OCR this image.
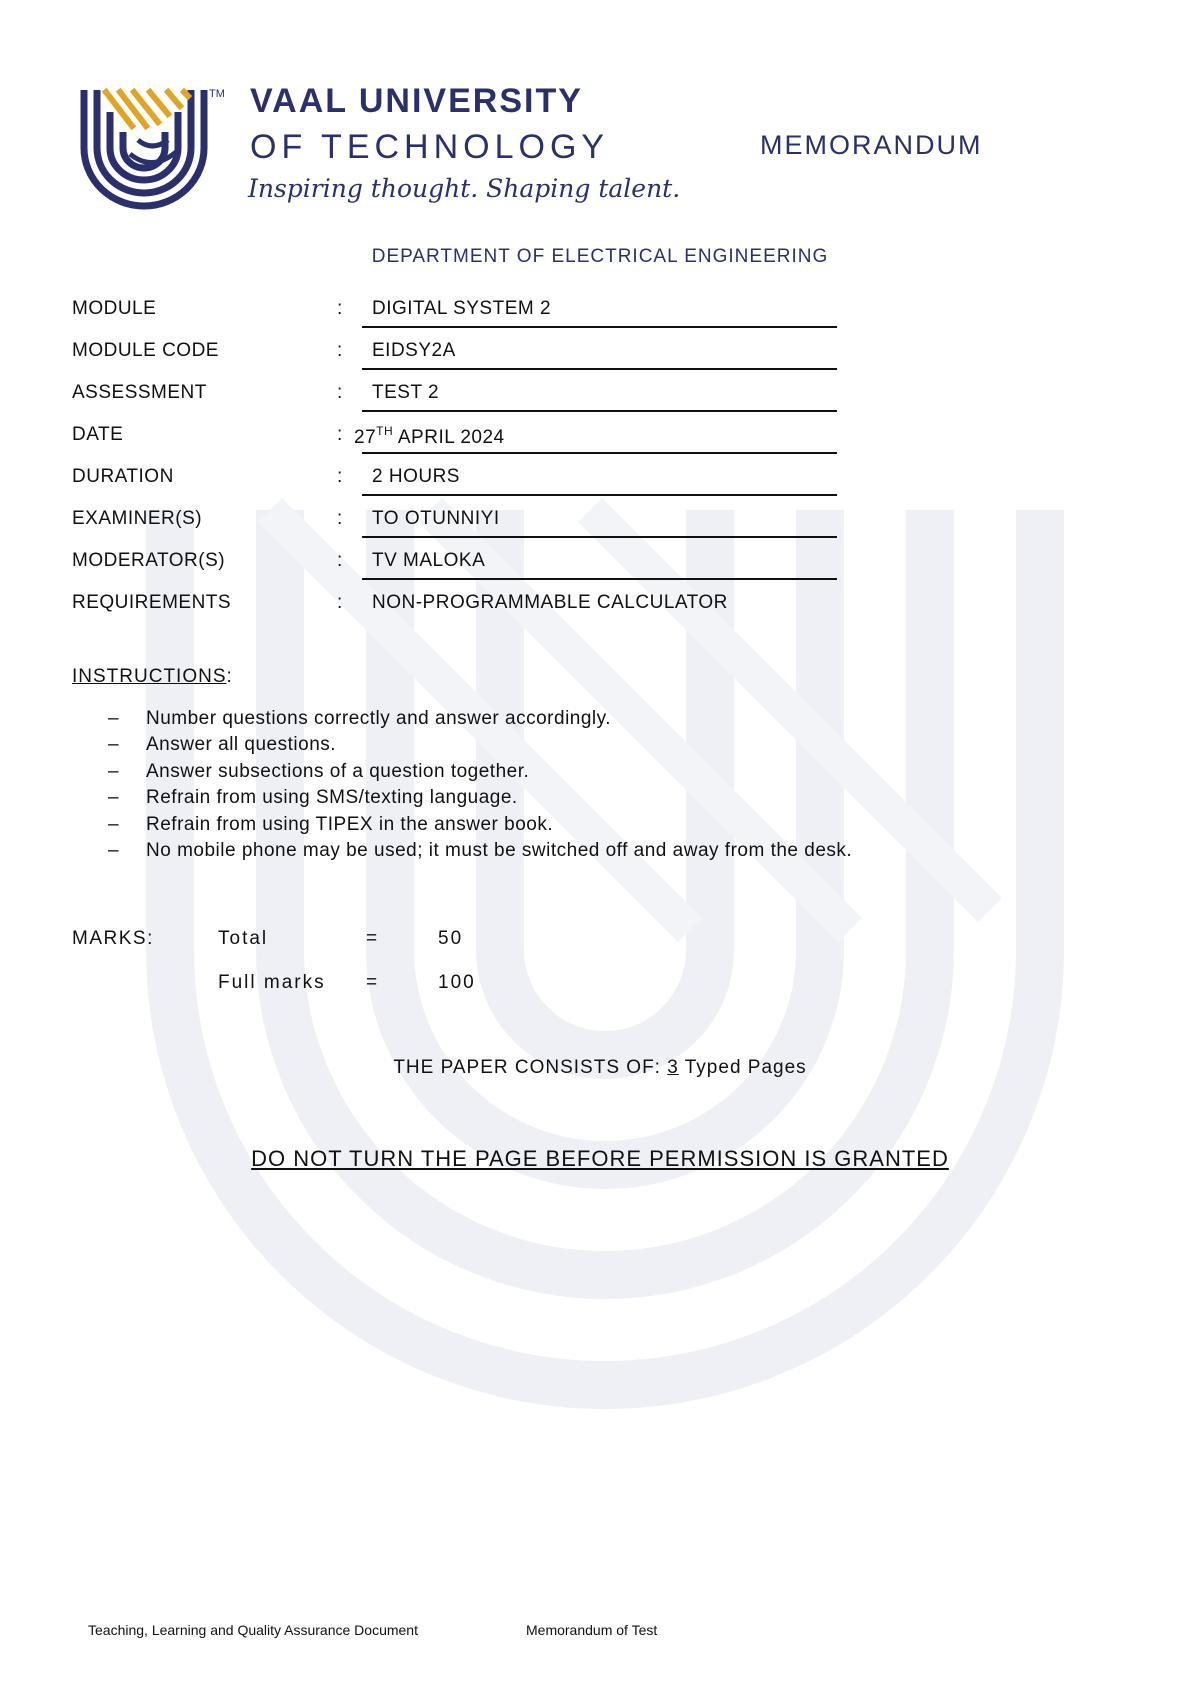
TM VAAL UNIVERSITY
OF TECHNOLOGY
Inspiring thought. Shaping talent.
MEMORANDUM
DEPARTMENT OF ELECTRICAL ENGINEERING
MODULE	: DIGITAL SYSTEM 2
MODULE CODE	: EIDSY2A
ASSESSMENT	: TEST 2
DATE	: 27TH APRIL 2024
DURATION	: 2 HOURS
EXAMINER(S)	: TO OTUNNIYI
MODERATOR(S)	: TV MALOKA
REQUIREMENTS	: NON-PROGRAMMABLE CALCULATOR
INSTRUCTIONS:
– Number questions correctly and answer accordingly.
– Answer all questions.
– Answer subsections of a question together.
– Refrain from using SMS/texting language.
– Refrain from using TIPEX in the answer book.
– No mobile phone may be used; it must be switched off and away from the desk.
MARKS:	Total	=	50
Full marks =	100
THE PAPER CONSISTS OF: 3 Typed Pages
DO NOT TURN THE PAGE BEFORE PERMISSION IS GRANTED
Teaching, Learning and Quality Assurance Document	Memorandum of Test
